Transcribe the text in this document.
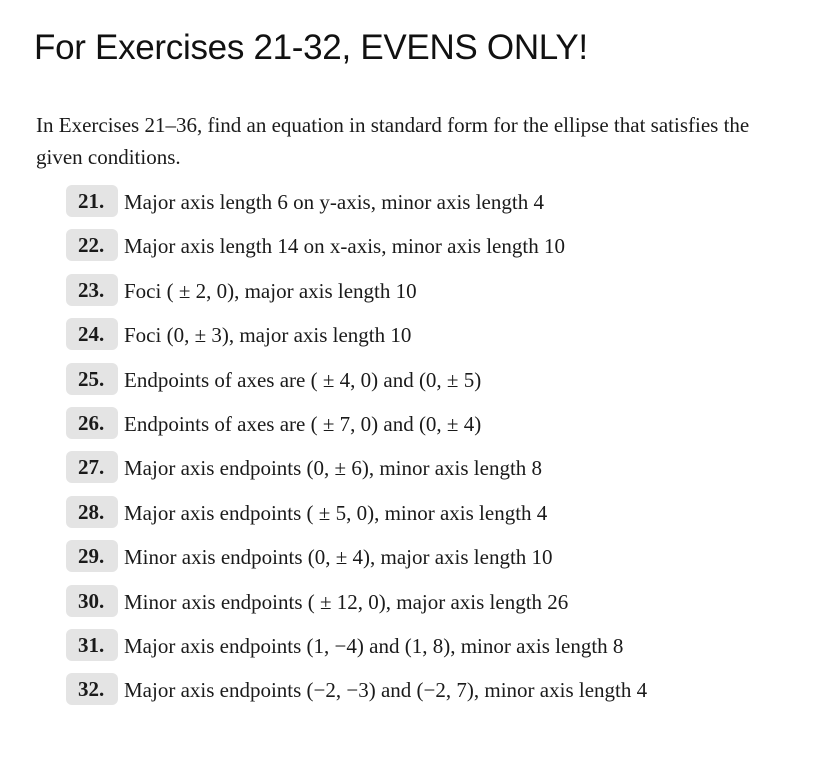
For Exercises 21-32, EVENS ONLY!
In Exercises 21–36, find an equation in standard form for the ellipse that satisfies the given conditions.
21. Major axis length 6 on y-axis, minor axis length 4
22. Major axis length 14 on x-axis, minor axis length 10
23. Foci ( ± 2, 0), major axis length 10
24. Foci (0, ± 3), major axis length 10
25. Endpoints of axes are ( ± 4, 0) and (0, ± 5)
26. Endpoints of axes are ( ± 7, 0) and (0, ± 4)
27. Major axis endpoints (0, ± 6), minor axis length 8
28. Major axis endpoints ( ± 5, 0), minor axis length 4
29. Minor axis endpoints (0, ± 4), major axis length 10
30. Minor axis endpoints ( ± 12, 0), major axis length 26
31. Major axis endpoints (1, −4) and (1, 8), minor axis length 8
32. Major axis endpoints (−2, −3) and (−2, 7), minor axis length 4
